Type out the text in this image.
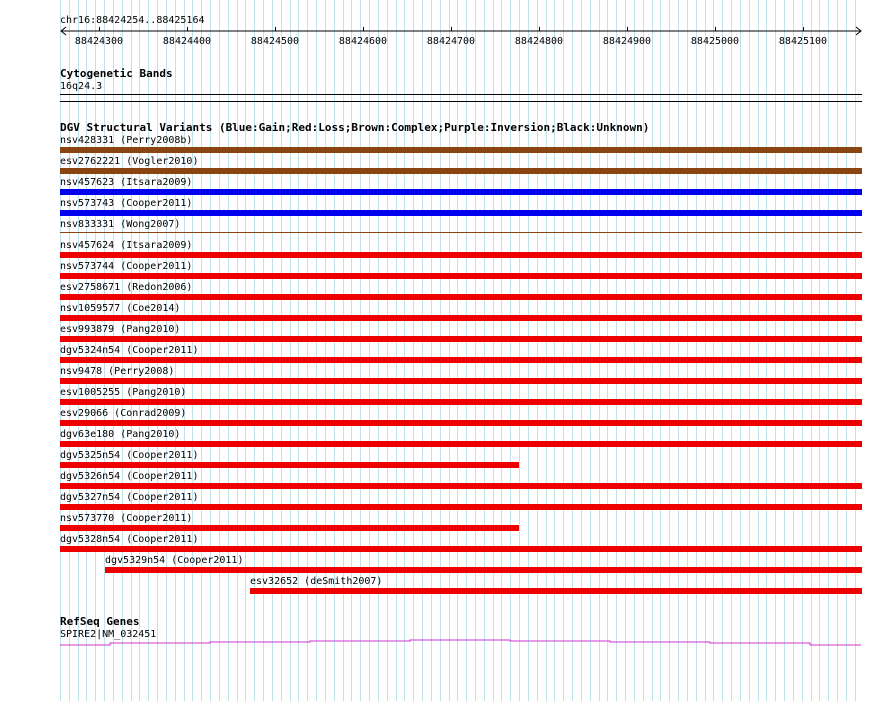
chr16:88424254..88425164
88424300	88424400	88424500	88424600	88424700	88424800	88424900	88425000	88425100
Cytogenetic Bands
16q24.3
DGV Structural Variants (Blue:Gain;Red:Loss;Brown:Complex;Purple:Inversion;Black:Unknown)
nsv428331 (Perry2008b)
esv2762221 (Vogler2010)
nsv457623 (Itsara2009)
nsv573743 (Cooper2011)
nsv833331 (Wong2007)
nsv457624 (Itsara2009)
nsv573744 (Cooper2011)
esv2758671 (Redon2006)
nsv1059577 (Coe2014)
esv993879 (Pang2010)
dgv5324n54 (Cooper2011)
nsv9478 (Perry2008)
esv1005255 (Pang2010)
esv29066 (Conrad2009)
dgv63e180 (Pang2010)
dgv5325n54 (Cooper2011)
dgv5326n54 (Cooper2011)
dgv5327n54 (Cooper2011)
nsv573770 (Cooper2011)
dgv5328n54 (Cooper2011)
dgv5329n54 (Cooper2011)
esv32652 (deSmith2007)
RefSeq Genes
SPIRE2|NM_032451
